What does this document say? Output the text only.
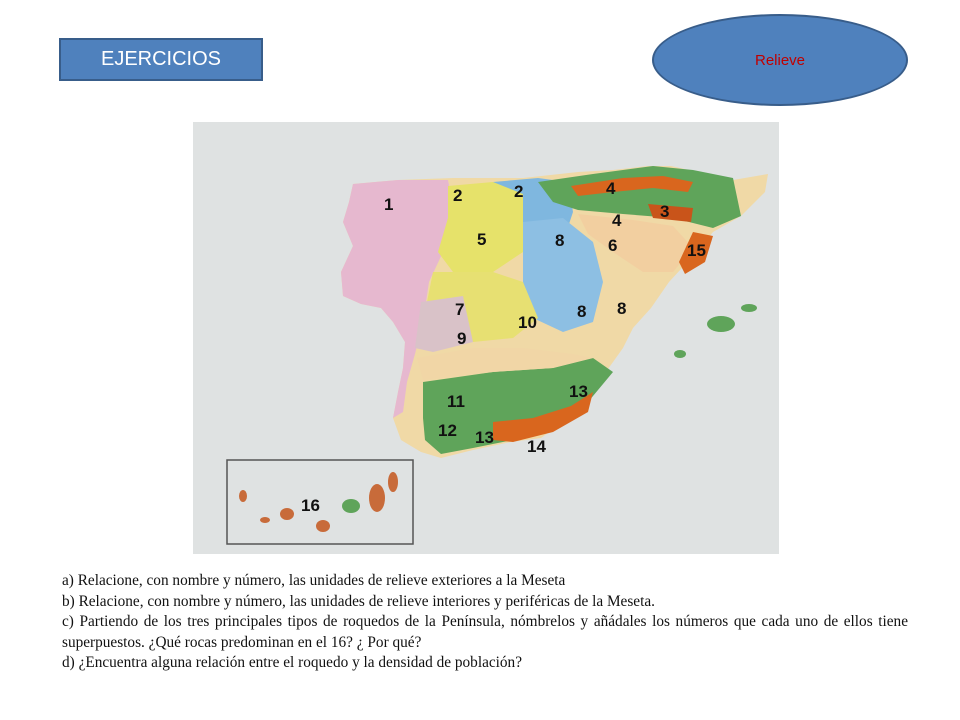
EJERCICIOS	Relieve
1	2	2	4
3
4
5	8	6	15
7	8 8
10
9
13
11
12 13 14
16

a) Relacione, con nombre y número, las unidades de relieve exteriores a la Meseta

b) Relacione, con nombre y número, las unidades de relieve interiores y periféricas de la Meseta.

c) Partiendo de los tres principales tipos de roquedos de la Península, nómbrelos y añádales los números que cada uno de ellos tiene superpuestos. ¿Qué rocas predominan en el 16? ¿ Por qué?

d) ¿Encuentra alguna relación entre el roquedo y la densidad de población?
